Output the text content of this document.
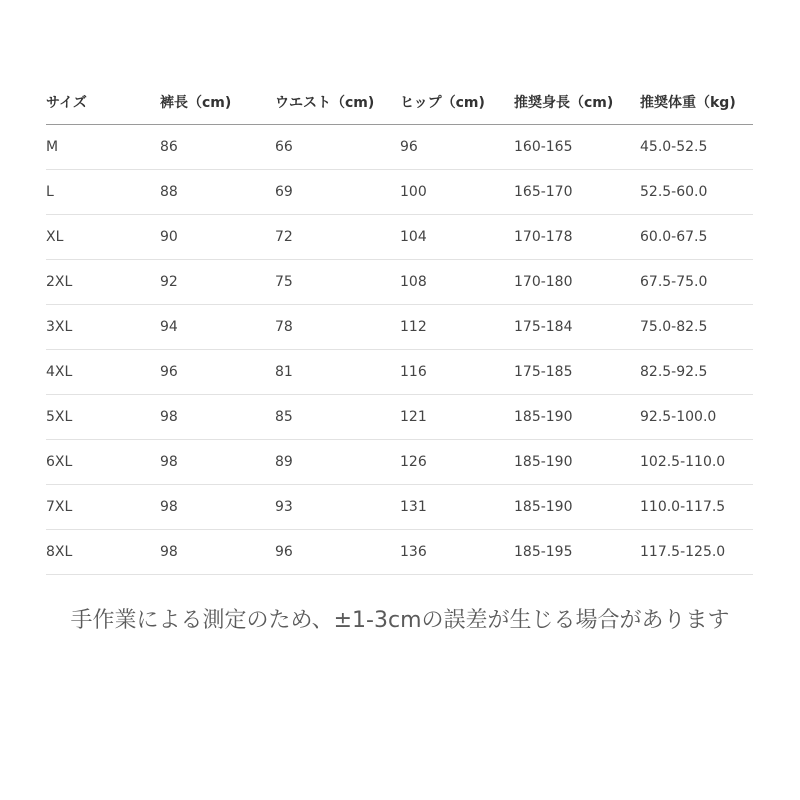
サイズ	裤長（cm)	ウエスト（cm)	ヒップ（cm)	推奨身長（cm)	推奨体重（kg)
M	86	66	96	160-165	45.0-52.5
L	88	69	100	165-170	52.5-60.0
XL	90	72	104	170-178	60.0-67.5
2XL	92	75	108	170-180	67.5-75.0
3XL	94	78	112	175-184	75.0-82.5
4XL	96	81	116	175-185	82.5-92.5
5XL	98	85	121	185-190	92.5-100.0
6XL	98	89	126	185-190	102.5-110.0
7XL	98	93	131	185-190	110.0-117.5
8XL	98	96	136	185-195	117.5-125.0
手作業による測定のため、±1-3cmの誤差が生じる場合があります
